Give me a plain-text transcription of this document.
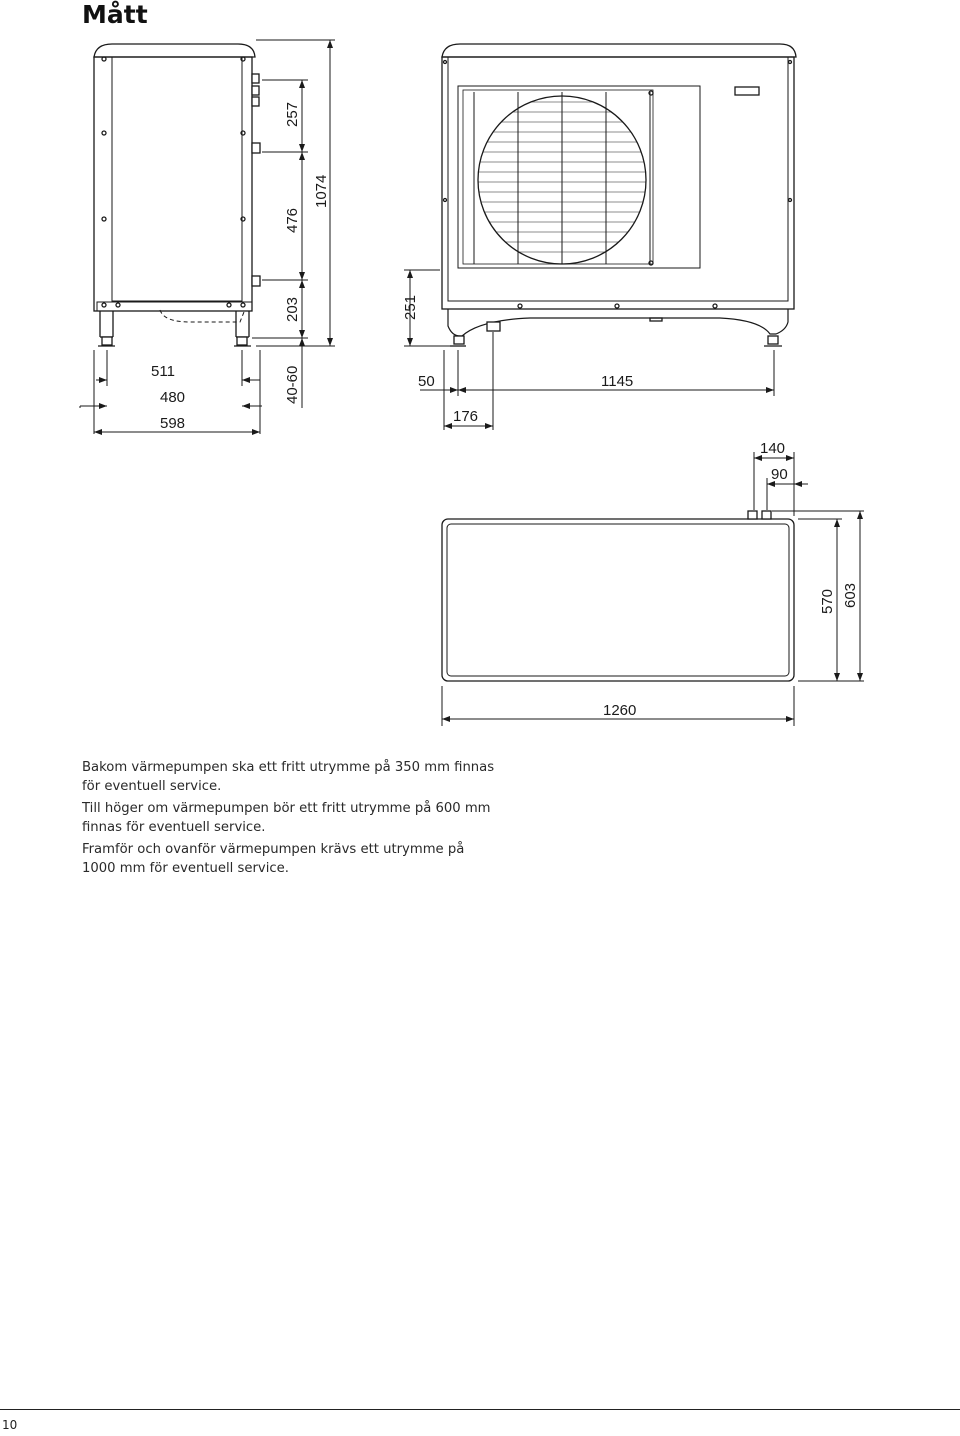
Mått
511
480
598
257
476
203
40-60
1074
251
50	1145
176
140
90
570 603
1260

Bakom värmepumpen ska ett fritt utrymme på 350 mm finnas för eventuell service.

Till höger om värmepumpen bör ett fritt utrymme på 600 mm finnas för eventuell service.

Framför och ovanför värmepumpen krävs ett utrymme på 1000 mm för eventuell service.

10
